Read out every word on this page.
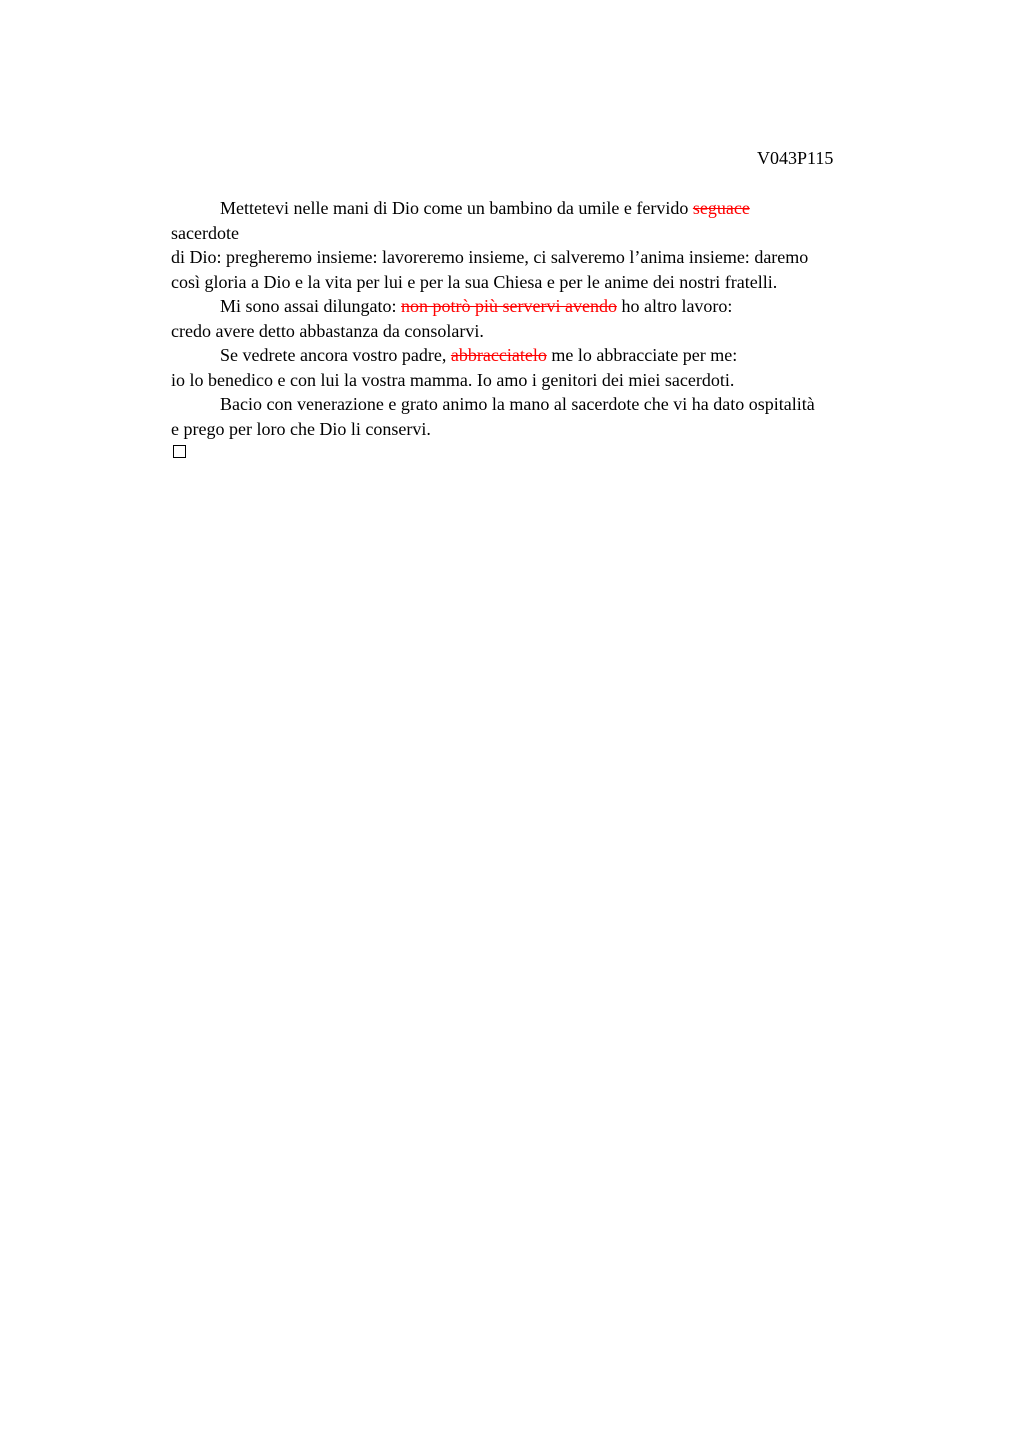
V043P115
Mettetevi nelle mani di Dio come un bambino da umile e fervido seguace
sacerdote
di Dio: pregheremo insieme: lavoreremo insieme, ci salveremo l’anima insieme: daremo
così gloria a Dio e la vita per lui e per la sua Chiesa e per le anime dei nostri fratelli.
Mi sono assai dilungato: non potrò più servervi avendo ho altro lavoro:
credo avere detto abbastanza da consolarvi.
Se vedrete ancora vostro padre, abbracciatelo me lo abbracciate per me:
io lo benedico e con lui la vostra mamma. Io amo i genitori dei miei sacerdoti.
Bacio con venerazione e grato animo la mano al sacerdote che vi ha dato ospitalità
e prego per loro che Dio li conservi.
